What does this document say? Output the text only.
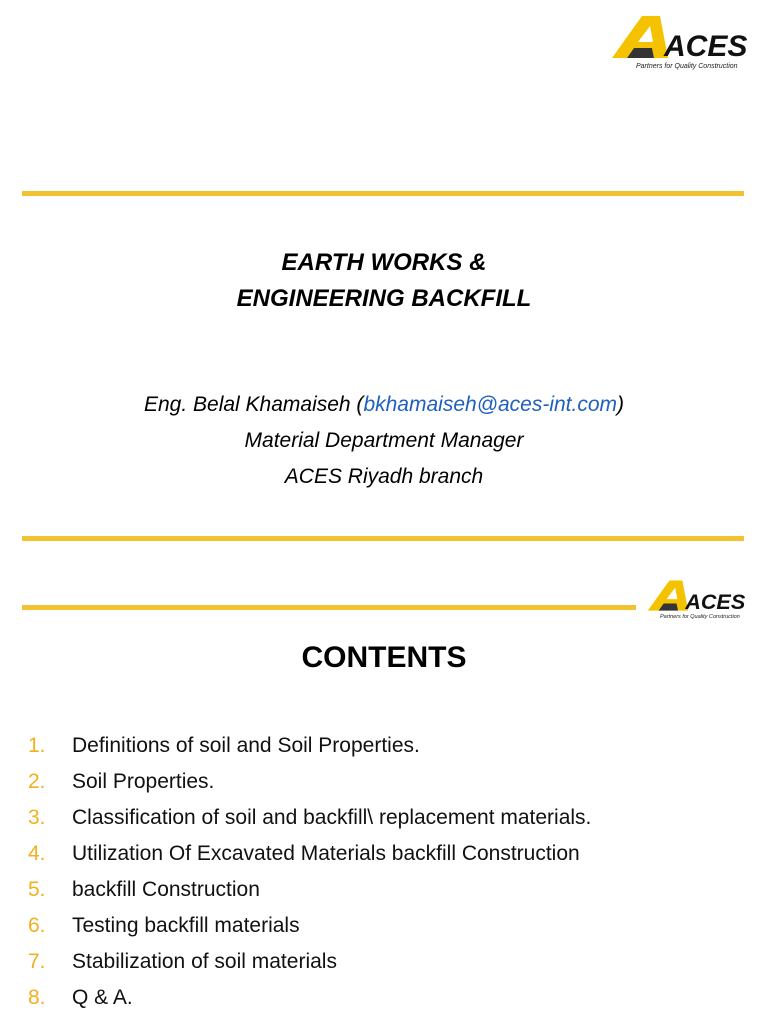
ACES
Partners for Quality Construction
EARTH WORKS &
ENGINEERING BACKFILL
Eng. Belal Khamaiseh (bkhamaiseh@aces-int.com)
Material Department Manager
ACES Riyadh branch
ACES
Partners for Quality Construction
CONTENTS
1. Definitions of soil and Soil Properties.
2. Soil Properties.
3. Classification of soil and backfill\ replacement materials.
4. Utilization Of Excavated Materials backfill Construction
5. backfill Construction
6. Testing backfill materials
7. Stabilization of soil materials
8. Q & A.
